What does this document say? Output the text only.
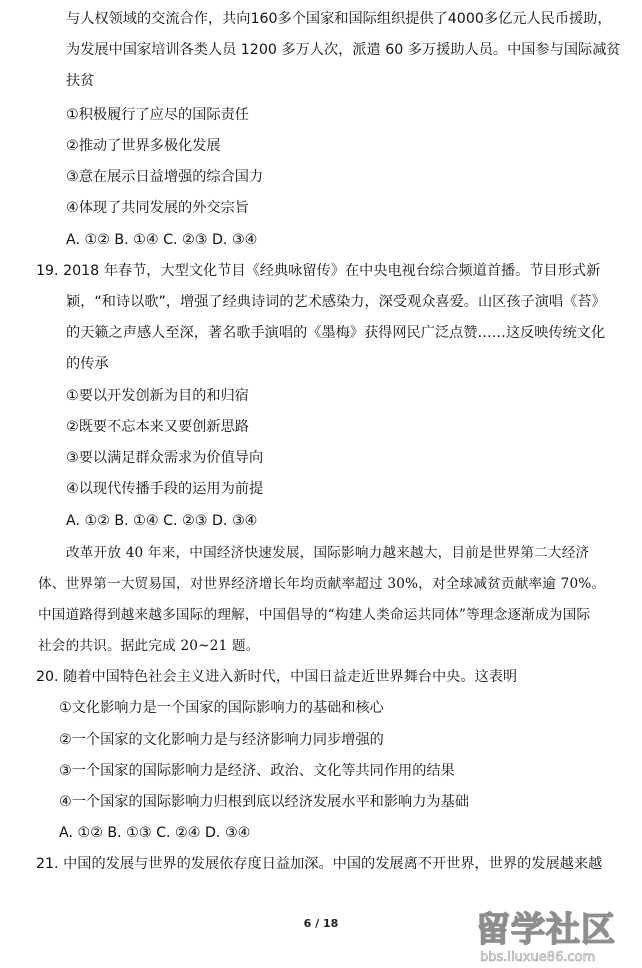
与人权领域的交流合作，共向160多个国家和国际组织提供了4000多亿元人民币援助，
为发展中国家培训各类人员 1200 多万人次，派遣 60 多万援助人员。中国参与国际减贫
扶贫
①积极履行了应尽的国际责任
②推动了世界多极化发展
③意在展示日益增强的综合国力
④体现了共同发展的外交宗旨
A. ①② B. ①④ C. ②③ D. ③④
19. 2018 年春节，大型文化节目《经典咏留传》在中央电视台综合频道首播。节目形式新
颖，“和诗以歌”，增强了经典诗词的艺术感染力，深受观众喜爱。山区孩子演唱《苔》
的天籁之声感人至深，著名歌手演唱的《墨梅》获得网民广泛点赞……这反映传统文化
的传承
①要以开发创新为目的和归宿
②既要不忘本来又要创新思路
③要以满足群众需求为价值导向
④以现代传播手段的运用为前提
A. ①② B. ①④ C. ②③ D. ③④
改革开放 40 年来，中国经济快速发展，国际影响力越来越大，目前是世界第二大经济
体、世界第一大贸易国，对世界经济增长年均贡献率超过 30%，对全球减贫贡献率逾 70%。
中国道路得到越来越多国际的理解，中国倡导的“构建人类命运共同体”等理念逐渐成为国际
社会的共识。据此完成 20~21 题。
20. 随着中国特色社会主义进入新时代，中国日益走近世界舞台中央。这表明
①文化影响力是一个国家的国际影响力的基础和核心
②一个国家的文化影响力是与经济影响力同步增强的
③一个国家的国际影响力是经济、政治、文化等共同作用的结果
④一个国家的国际影响力归根到底以经济发展水平和影响力为基础
A. ①② B. ①③ C. ②④ D. ③④
21. 中国的发展与世界的发展依存度日益加深。中国的发展离不开世界，世界的发展越来越
6 / 18	留学社区
bbs.liuxue86.com
